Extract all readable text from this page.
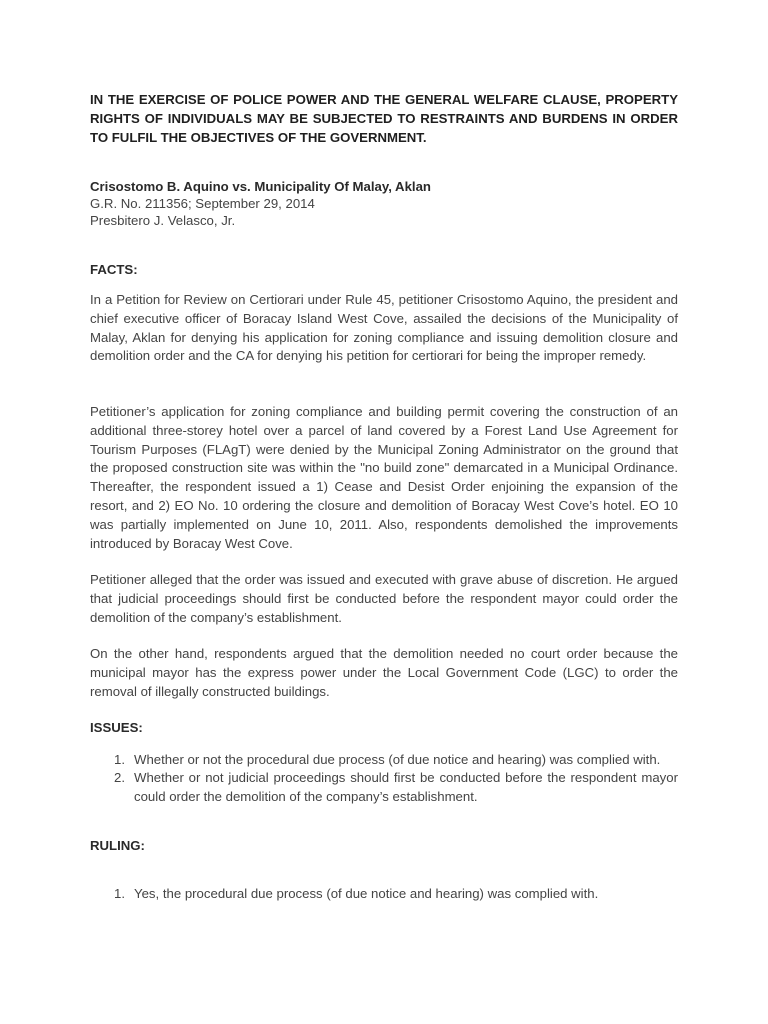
IN THE EXERCISE OF POLICE POWER AND THE GENERAL WELFARE CLAUSE, PROPERTY RIGHTS OF INDIVIDUALS MAY BE SUBJECTED TO RESTRAINTS AND BURDENS IN ORDER TO FULFIL THE OBJECTIVES OF THE GOVERNMENT.
Crisostomo B. Aquino vs. Municipality Of Malay, Aklan
G.R. No. 211356; September 29, 2014
Presbitero J. Velasco, Jr.
FACTS:

In a Petition for Review on Certiorari under Rule 45, petitioner Crisostomo Aquino, the president and chief executive officer of Boracay Island West Cove, assailed the decisions of the Municipality of Malay, Aklan for denying his application for zoning compliance and issuing demolition closure and demolition order and the CA for denying his petition for certiorari for being the improper remedy.

Petitioner’s application for zoning compliance and building permit covering the construction of an additional three-storey hotel over a parcel of land covered by a Forest Land Use Agreement for Tourism Purposes (FLAgT) were denied by the Municipal Zoning Administrator on the ground that the proposed construction site was within the "no build zone" demarcated in a Municipal Ordinance. Thereafter, the respondent issued a 1) Cease and Desist Order enjoining the expansion of the resort, and 2) EO No. 10 ordering the closure and demolition of Boracay West Cove’s hotel. EO 10 was partially implemented on June 10, 2011. Also, respondents demolished the improvements introduced by Boracay West Cove.

Petitioner alleged that the order was issued and executed with grave abuse of discretion. He argued that judicial proceedings should first be conducted before the respondent mayor could order the demolition of the company’s establishment.

On the other hand, respondents argued that the demolition needed no court order because the municipal mayor has the express power under the Local Government Code (LGC) to order the removal of illegally constructed buildings.

ISSUES:
1. Whether or not the procedural due process (of due notice and hearing) was complied with.
2. Whether or not judicial proceedings should first be conducted before the respondent mayor could order the demolition of the company’s establishment.
RULING:
1. Yes, the procedural due process (of due notice and hearing) was complied with.
